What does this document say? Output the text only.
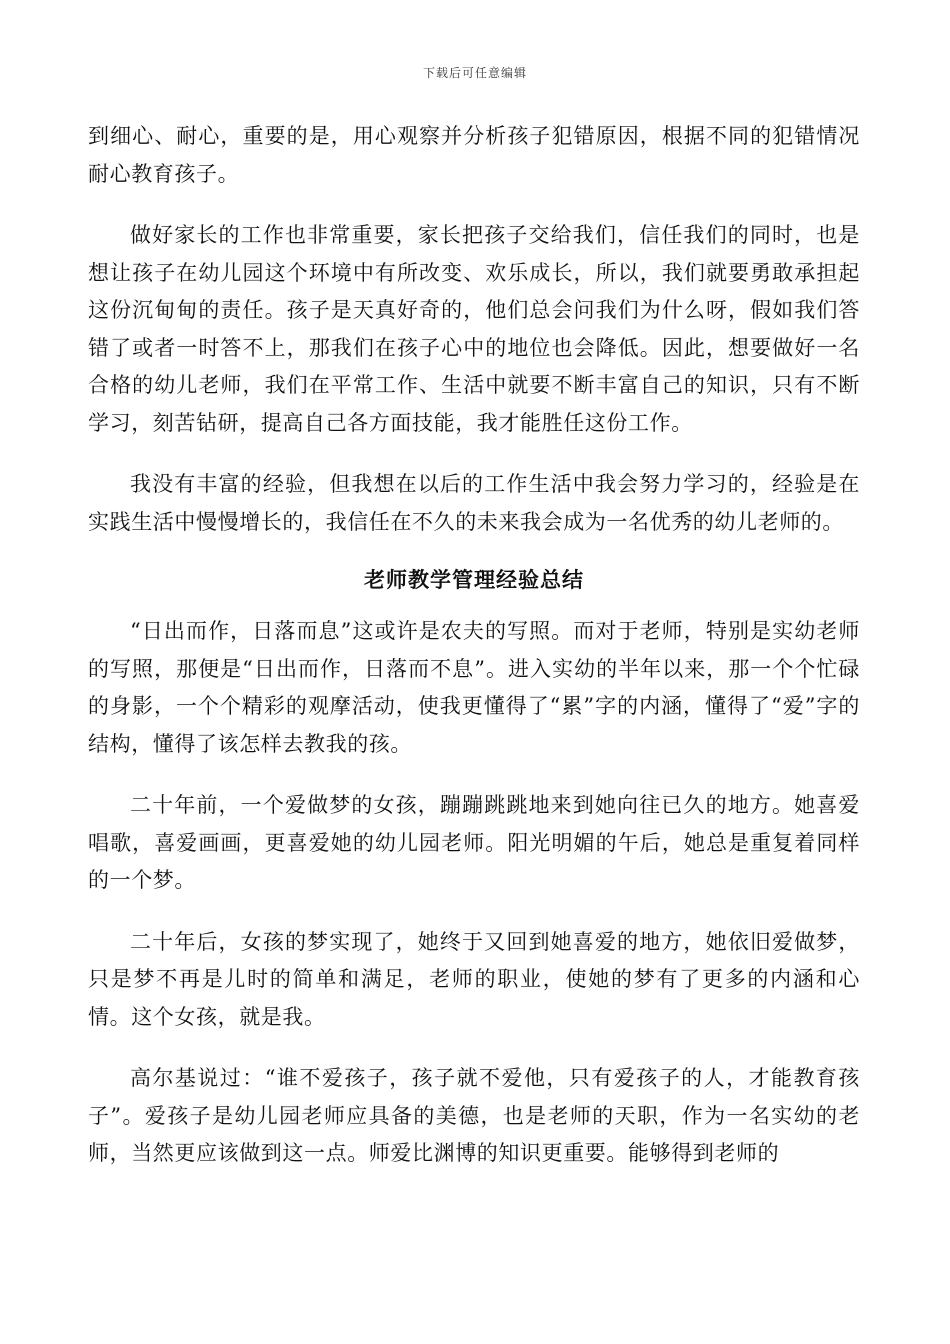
下载后可任意编辑

到细心、耐心，重要的是，用心观察并分析孩子犯错原因，根据不同的犯错情况耐心教育孩子。

做好家长的工作也非常重要，家长把孩子交给我们，信任我们的同时，也是想让孩子在幼儿园这个环境中有所改变、欢乐成长，所以，我们就要勇敢承担起这份沉甸甸的责任。孩子是天真好奇的，他们总会问我们为什么呀，假如我们答错了或者一时答不上，那我们在孩子心中的地位也会降低。因此，想要做好一名合格的幼儿老师，我们在平常工作、生活中就要不断丰富自己的知识，只有不断学习，刻苦钻研，提高自己各方面技能，我才能胜任这份工作。

我没有丰富的经验，但我想在以后的工作生活中我会努力学习的，经验是在实践生活中慢慢增长的，我信任在不久的未来我会成为一名优秀的幼儿老师的。

老师教学管理经验总结

“日出而作，日落而息”这或许是农夫的写照。而对于老师，特别是实幼老师的写照，那便是“日出而作，日落而不息”。进入实幼的半年以来，那一个个忙碌的身影，一个个精彩的观摩活动，使我更懂得了“累”字的内涵，懂得了“爱”字的结构，懂得了该怎样去教我的孩。

二十年前，一个爱做梦的女孩，蹦蹦跳跳地来到她向往已久的地方。她喜爱唱歌，喜爱画画，更喜爱她的幼儿园老师。阳光明媚的午后，她总是重复着同样的一个梦。

二十年后，女孩的梦实现了，她终于又回到她喜爱的地方，她依旧爱做梦，只是梦不再是儿时的简单和满足，老师的职业，使她的梦有了更多的内涵和心情。这个女孩，就是我。

高尔基说过：“谁不爱孩子，孩子就不爱他，只有爱孩子的人，才能教育孩子”。爱孩子是幼儿园老师应具备的美德，也是老师的天职，作为一名实幼的老师，当然更应该做到这一点。师爱比渊博的知识更重要。能够得到老师的
